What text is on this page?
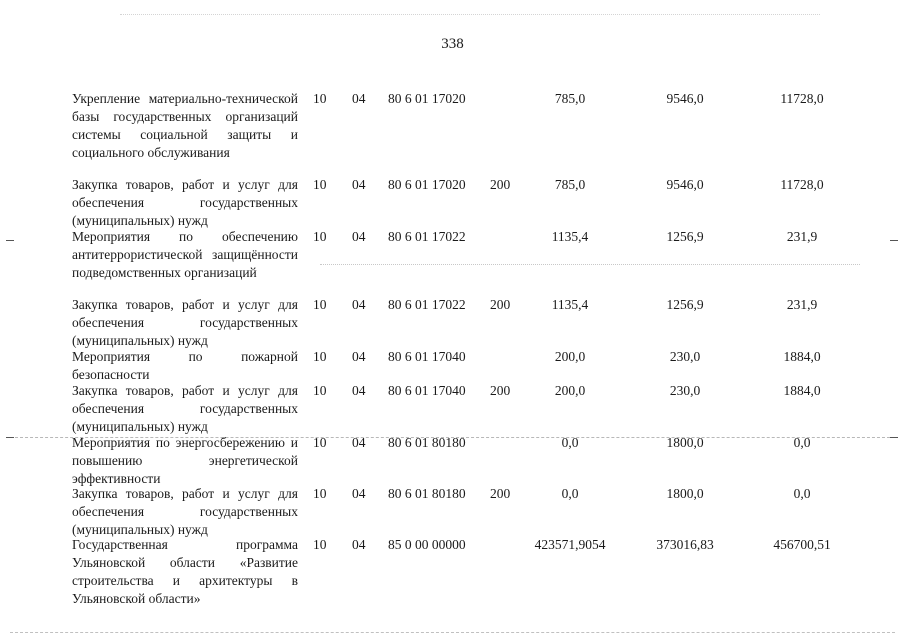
338
Укрепление материально-технической базы государственных организаций системы социальной защиты и социального обслуживания
10 04 80 6 01 17020	785,0	9546,0	11728,0
Закупка товаров, работ и услуг для обеспечения государственных (муниципальных) нужд
10 04 80 6 01 17020 200	785,0	9546,0	11728,0
Мероприятия по обеспечению антитеррористической защищённости подведомственных организаций
10 04 80 6 01 17022	1135,4	1256,9	231,9
Закупка товаров, работ и услуг для обеспечения государственных (муниципальных) нужд
10 04 80 6 01 17022 200	1135,4	1256,9	231,9
Мероприятия по пожарной безопасности
10 04 80 6 01 17040	200,0	230,0	1884,0
Закупка товаров, работ и услуг для обеспечения государственных (муниципальных) нужд
10 04 80 6 01 17040 200	200,0	230,0	1884,0
Мероприятия по энергосбережению и повышению энергетической эффективности
10 04 80 6 01 80180	0,0	1800,0	0,0
Закупка товаров, работ и услуг для обеспечения государственных (муниципальных) нужд
10 04 80 6 01 80180 200	0,0	1800,0	0,0
Государственная программа Ульяновской области «Развитие строительства и архитектуры в Ульяновской области»
10 04 85 0 00 00000	423571,9054	373016,83	456700,51
